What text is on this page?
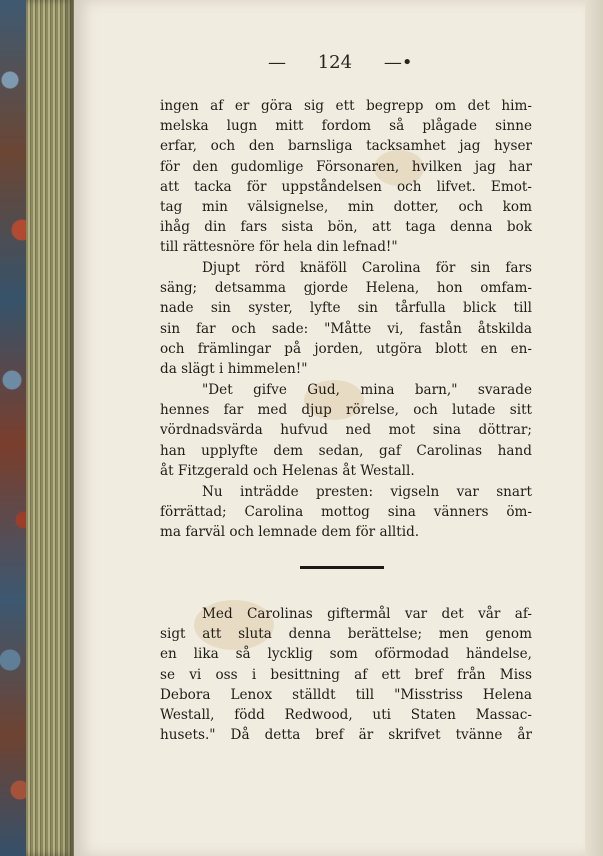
— 124 —•
ingen af er göra sig ett begrepp om det him-
melska lugn mitt fordom så plågade sinne
erfar, och den barnsliga tacksamhet jag hyser
för den gudomlige Försonaren, hvilken jag har
att tacka för uppståndelsen och lifvet. Emot-
tag min välsignelse, min dotter, och kom
ihåg din fars sista bön, att taga denna bok
till rättesnöre för hela din lefnad!"
Djupt rörd knäföll Carolina för sin fars
säng; detsamma gjorde Helena, hon omfam-
nade sin syster, lyfte sin tårfulla blick till
sin far och sade: "Måtte vi, fastån åtskilda
och främlingar på jorden, utgöra blott en en-
da slägt i himmelen!"
"Det gifve Gud, mina barn," svarade
hennes far med djup rörelse, och lutade sitt
vördnadsvärda hufvud ned mot sina döttrar;
han upplyfte dem sedan, gaf Carolinas hand
åt Fitzgerald och Helenas åt Westall.
Nu inträdde presten: vigseln var snart
förrättad; Carolina mottog sina vänners öm-
ma farväl och lemnade dem för alltid.
Med Carolinas giftermål var det vår af-
sigt att sluta denna berättelse; men genom
en lika så lycklig som oförmodad händelse,
se vi oss i besittning af ett bref från Miss
Debora Lenox ställdt till "Misstriss Helena
Westall, född Redwood, uti Staten Massac-
husets." Då detta bref är skrifvet tvänne år
